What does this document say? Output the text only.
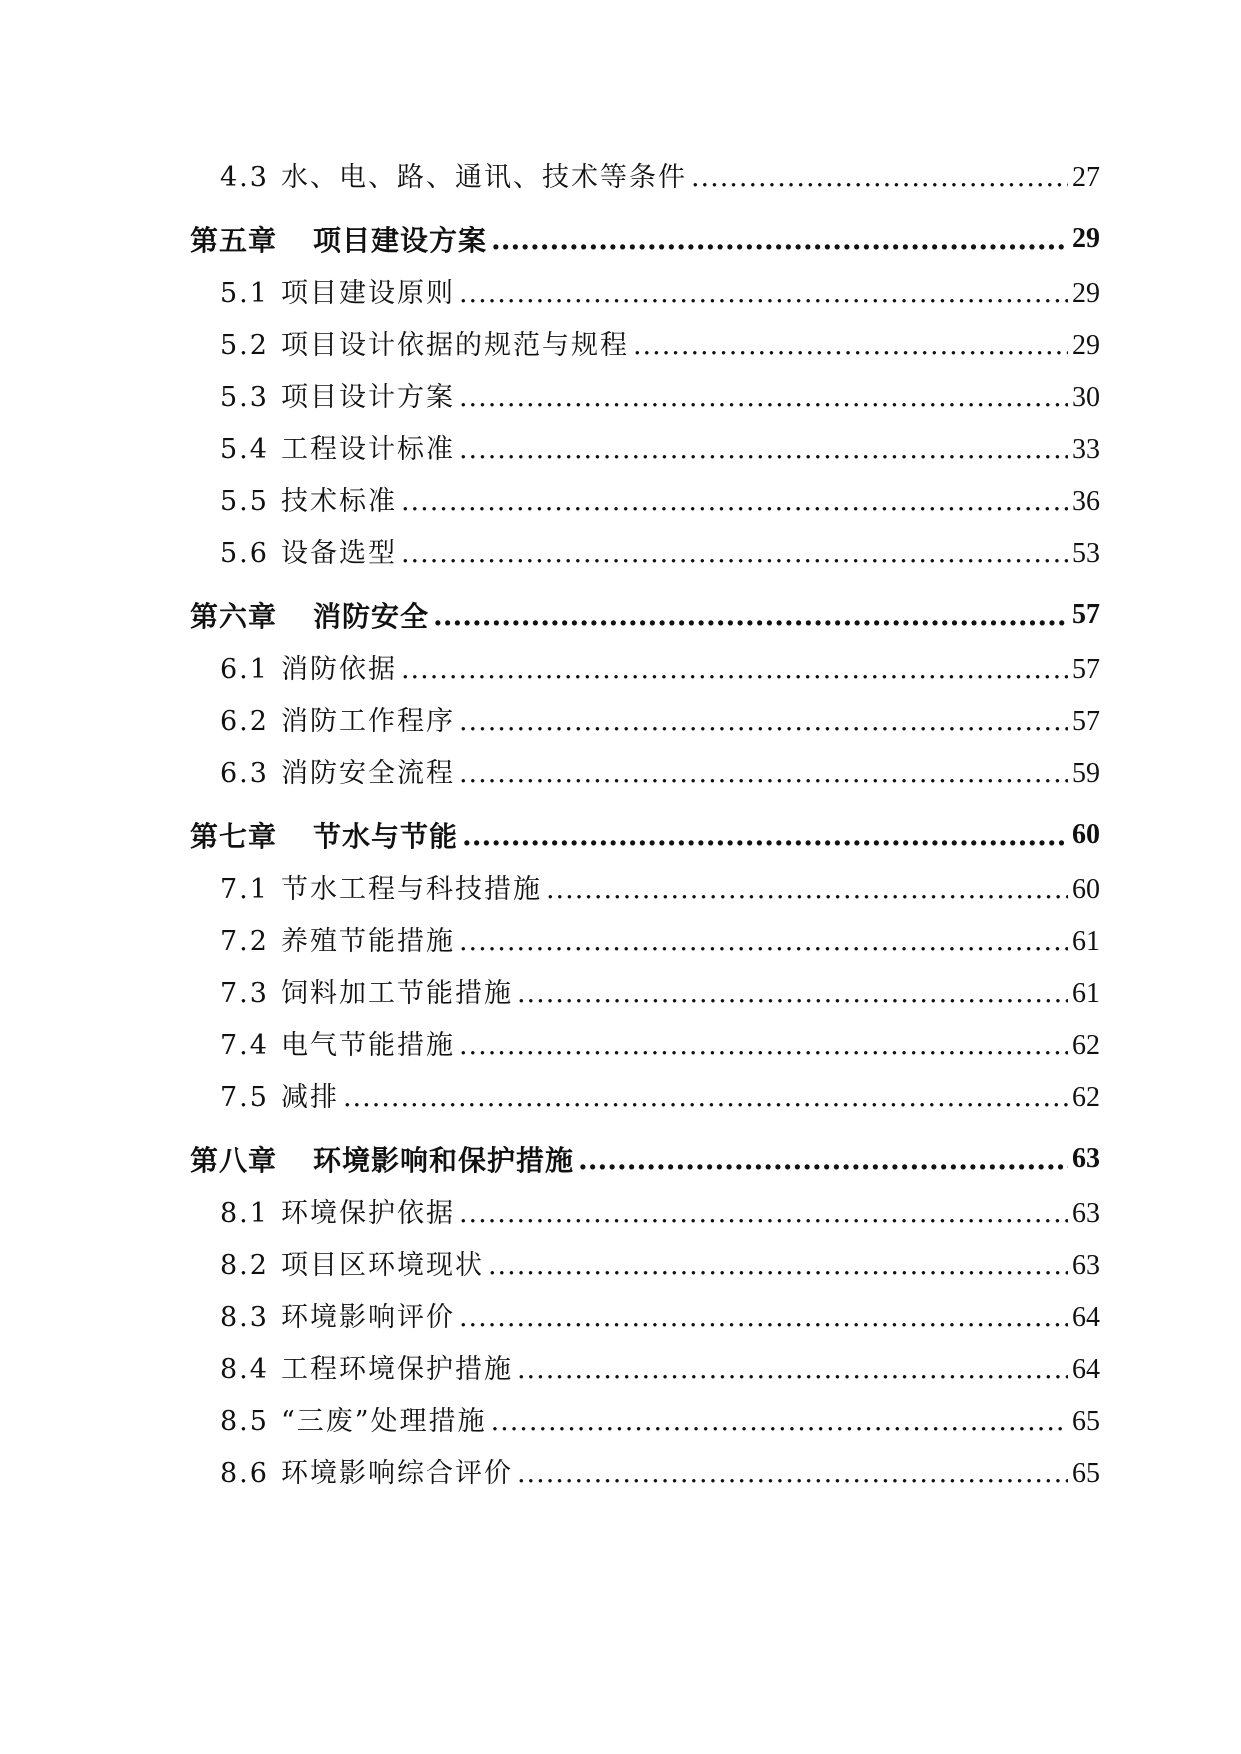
4.3 水、电、路、通讯、技术等条件 .....	27
第五章 项目建设方案 .....	29
5.1 项目建设原则 .....	29
5.2 项目设计依据的规范与规程 .....	29
5.3 项目设计方案 .....	30
5.4 工程设计标准 .....	33
5.5 技术标准 .....	36
5.6 设备选型 .....	53
第六章 消防安全 .....	57
6.1 消防依据 .....	57
6.2 消防工作程序 .....	57
6.3 消防安全流程 .....	59
第七章 节水与节能 .....	60
7.1 节水工程与科技措施 .....	60
7.2 养殖节能措施 .....	61
7.3 饲料加工节能措施 .....	61
7.4 电气节能措施 .....	62
7.5 减排 .....	62
第八章 环境影响和保护措施 .....	63
8.1 环境保护依据 .....	63
8.2 项目区环境现状 .....	63
8.3 环境影响评价 .....	64
8.4 工程环境保护措施 .....	64
8.5 “三废”处理措施 .....	65
8.6 环境影响综合评价 .....	65
